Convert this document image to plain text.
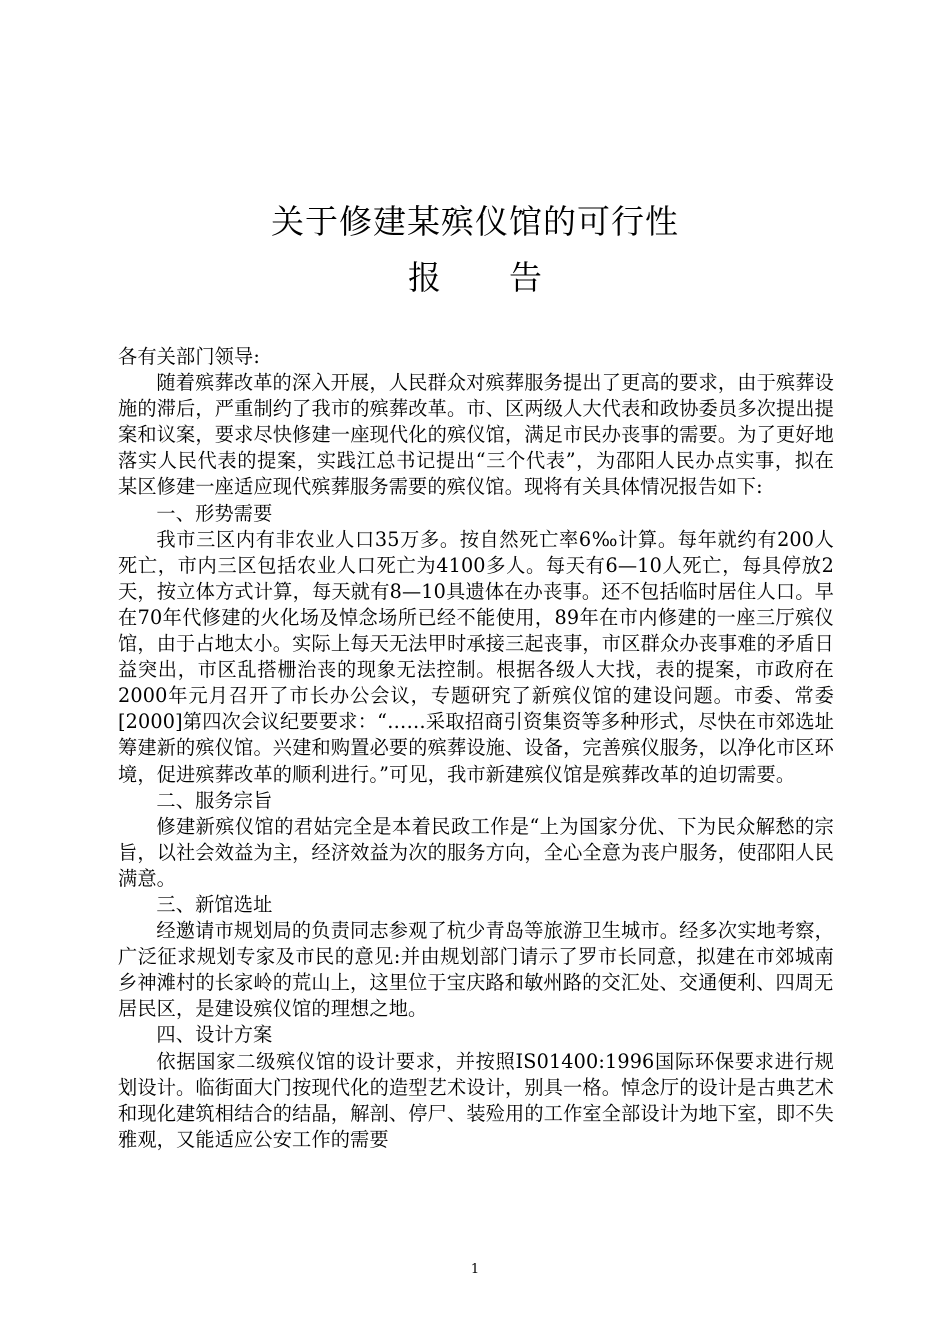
关于修建某殡仪馆的可行性
报告

各有关部门领导:

随着殡葬改革的深入开展，人民群众对殡葬服务提出了更高的要求，由于殡葬设施的滞后，严重制约了我市的殡葬改革。市、区两级人大代表和政协委员多次提出提案和议案，要求尽快修建一座现代化的殡仪馆，满足市民办丧事的需要。为了更好地落实人民代表的提案，实践江总书记提出“三个代表”，为邵阳人民办点实事，拟在某区修建一座适应现代殡葬服务需要的殡仪馆。现将有关具体情况报告如下:

一、形势需要

我市三区内有非农业人口35万多。按自然死亡率6‰计算。每年就约有200人死亡，市内三区包括农业人口死亡为4100多人。每天有6—10人死亡，每具停放2天，按立体方式计算，每天就有8—10具遗体在办丧事。还不包括临时居住人口。早在70年代修建的火化场及悼念场所已经不能使用，89年在市内修建的一座三厅殡仪馆，由于占地太小。实际上每天无法甲时承接三起丧事，市区群众办丧事难的矛盾日益突出，市区乱搭栅治丧的现象无法控制。根据各级人大找，表的提案，市政府在2000年元月召开了市长办公会议，专题研究了新殡仪馆的建设问题。市委、常委[2000]第四次会议纪要要求：“……采取招商引资集资等多种形式，尽快在市郊选址筹建新的殡仪馆。兴建和购置必要的殡葬设施、设备，完善殡仪服务，以净化市区环境，促进殡葬改革的顺利进行。”可见，我市新建殡仪馆是殡葬改革的迫切需要。

二、服务宗旨

修建新殡仪馆的君姑完全是本着民政工作是“上为国家分优、下为民众解愁的宗旨，以社会效益为主，经济效益为次的服务方向，全心全意为丧户服务，使邵阳人民满意。

三、新馆选址

经邀请市规划局的负责同志参观了杭少青岛等旅游卫生城市。经多次实地考察，广泛征求规划专家及市民的意见:并由规划部门请示了罗市长同意，拟建在市郊城南乡神滩村的长家岭的荒山上，这里位于宝庆路和敏州路的交汇处、交通便利、四周无

居民区，是建设殡仪馆的理想之地。

四、设计方案

依据国家二级殡仪馆的设计要求，并按照IS01400:1996国际环保要求进行规划设计。临街面大门按现代化的造型艺术设计，别具一格。悼念厅的设计是古典艺术和现化建筑相结合的结晶，解剖、停尸、装殓用的工作室全部设计为地下室，即不失雅观，又能适应公安工作的需要

1
